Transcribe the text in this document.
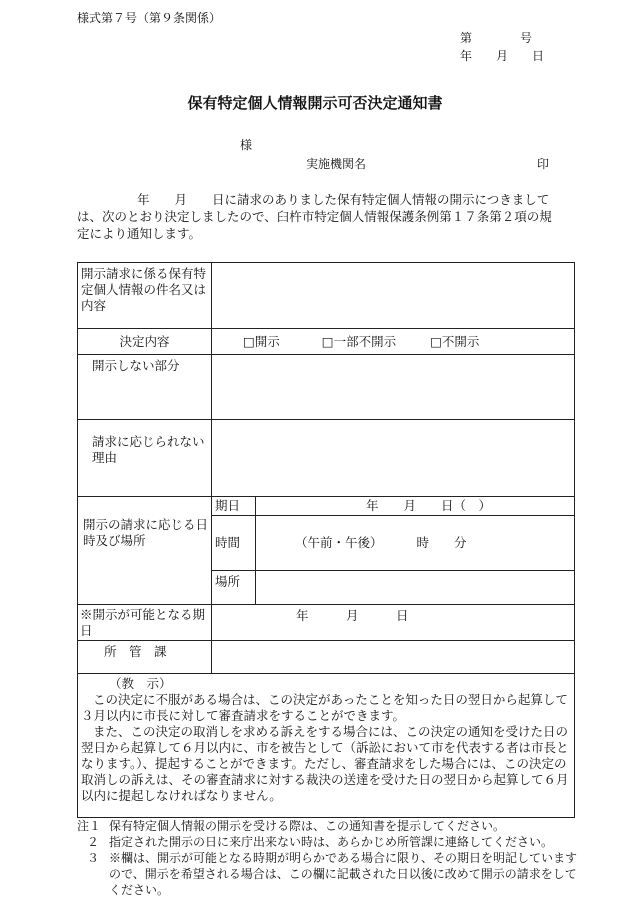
様式第７号（第９条関係）
第　　　　号
年　　月　　日
保有特定個人情報開示可否決定通知書
様
実施機関名	印
年　　月　　日に請求のありました保有特定個人情報の開示につきましては、次のとおり決定しましたので、臼杵市特定個人情報保護条例第１７条第２項の規定により通知します。
開示請求に係る保有特定個人情報の件名又は内容		
決定内容	□開示 □一部不開示 □不開示	
開示しない部分		
請求に応じられない理由		
開示の請求に応じる日時及び場所	期日	年　　月　　日（　）
	時間	（午前・午後） 時　　分
	場所	
※開示が可能となる期日	年　　　月　　　日	
所　管　課		

（教　示）

この決定に不服がある場合は、この決定があったことを知った日の翌日から起算して３月以内に市長に対して審査請求をすることができます。

また、この決定の取消しを求める訴えをする場合には、この決定の通知を受けた日の翌日から起算して６月以内に、市を被告として（訴訟において市を代表する者は市長となります。）、提起することができます。ただし、審査請求をした場合には、この決定の取消しの訴えは、その審査請求に対する裁決の送達を受けた日の翌日から起算して６月以内に提起しなければなりません。		

注１ 保有特定個人情報の開示を受ける際は、この通知書を提示してください。
２ 指定された開示の日に来庁出来ない時は、あらかじめ所管課に連絡してください。
３ ※欄は、開示が可能となる時期が明らかである場合に限り、その期日を明記していますので、開示を希望される場合は、この欄に記載された日以後に改めて開示の請求をしてください。
